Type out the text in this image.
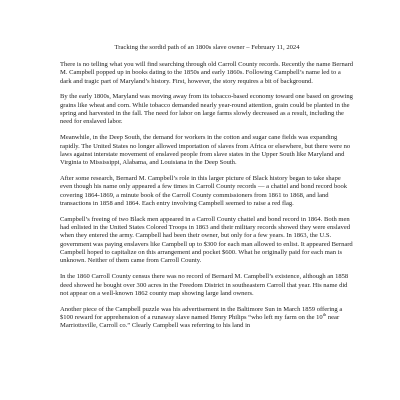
Tracking the sordid path of an 1800s slave owner – February 11, 2024

There is no telling what you will find searching through old Carroll County records. Recently the name Bernard M. Campbell popped up in books dating to the 1850s and early 1860s. Following Campbell’s name led to a dark and tragic part of Maryland’s history. First, however, the story requires a bit of background.

By the early 1800s, Maryland was moving away from its tobacco-based economy toward one based on growing grains like wheat and corn. While tobacco demanded nearly year-round attention, grain could be planted in the spring and harvested in the fall. The need for labor on large farms slowly decreased as a result, including the need for enslaved labor.

Meanwhile, in the Deep South, the demand for workers in the cotton and sugar cane fields was expanding rapidly. The United States no longer allowed importation of slaves from Africa or elsewhere, but there were no laws against interstate movement of enslaved people from slave states in the Upper South like Maryland and Virginia to Mississippi, Alabama, and Louisiana in the Deep South.

After some research, Bernard M. Campbell’s role in this larger picture of Black history began to take shape even though his name only appeared a few times in Carroll County records — a chattel and bond record book covering 1864-1869, a minute book of the Carroll County commissioners from 1861 to 1868, and land transactions in 1858 and 1864. Each entry involving Campbell seemed to raise a red flag.

Campbell’s freeing of two Black men appeared in a Carroll County chattel and bond record in 1864. Both men had enlisted in the United States Colored Troops in 1863 and their military records showed they were enslaved when they entered the army. Campbell had been their owner, but only for a few years. In 1863, the U.S. government was paying enslavers like Campbell up to $300 for each man allowed to enlist. It appeared Bernard Campbell hoped to capitalize on this arrangement and pocket $600. What he originally paid for each man is unknown. Neither of them came from Carroll County.

In the 1860 Carroll County census there was no record of Bernard M. Campbell’s existence, although an 1858 deed showed he bought over 300 acres in the Freedom District in southeastern Carroll that year. His name did not appear on a well-known 1862 county map showing large land owners.

Another piece of the Campbell puzzle was his advertisement in the Baltimore Sun in March 1859 offering a $100 reward for apprehension of a runaway slave named Henry Philips “who left my farm on the 10th near Marriottsville, Carroll co.” Clearly Campbell was referring to his land in
